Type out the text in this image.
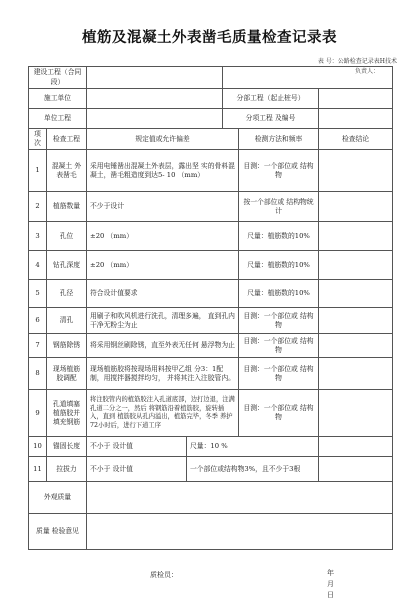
植筋及混凝土外表凿毛质量检查记录表
表 号：公路检查记录表H技术
负责人：
建设工程（合同段）						
施工单位				分部工程（起止桩号）		
单位工程				分项工程 及编号		
项次	检查工程	规定值或允许偏差			检测方法和频率	检查结论
1	混凝土 外表凿毛	采用电锤凿出混凝土外表层，露出坚 实的骨料混凝土，凿毛粗造度到达5- 10 （mm）			目测：一个部位或 结构物	
2	植筋数量	不少于设计			按一个部位或 结构物统计	
3	孔位	±20 （mm）			尺量：植筋数的10%	
4	钻孔深度	±20 （mm）			尺量：植筋数的10%	
5	孔径	符合设计值要求			尺量：植筋数的10%	
6	清孔	用刷子和吹风机进行洗孔，清理多遍， 直到孔内干净无粉尘为止			目测：一个部位或 结构物	
7	钢筋除锈	将采用钢丝刷除锈，直至外表无任何 悬浮物为止			目测：一个部位或 结构物	
8	现场植筋 胶调配	现场植筋胶将按现场用料按甲乙组 分3：1配制，用搅拌器搅拌均匀， 并将其注入注胶管内。			目测：一个部位或 结构物	
9	孔道填塞 植筋胶并 填充钢筋	将注胶管内的植筋胶注入孔道底部，边打边退，注满孔道二分之一，然后 将钢筋沿着植筋胶，旋转插入，直到 植筋胶从孔内溢出，植筋完毕，冬季 养护72小时后，进行下道工序			目测：一个部位或 结构物	
10	锚固长度	不小于 设计值	尺量：10 %			
11	拉拔力	不小于 设计值	一个部位或结构物3%，且不少于3根			
外观质量						
质量 检验意见						
质检员：	年
月
日
